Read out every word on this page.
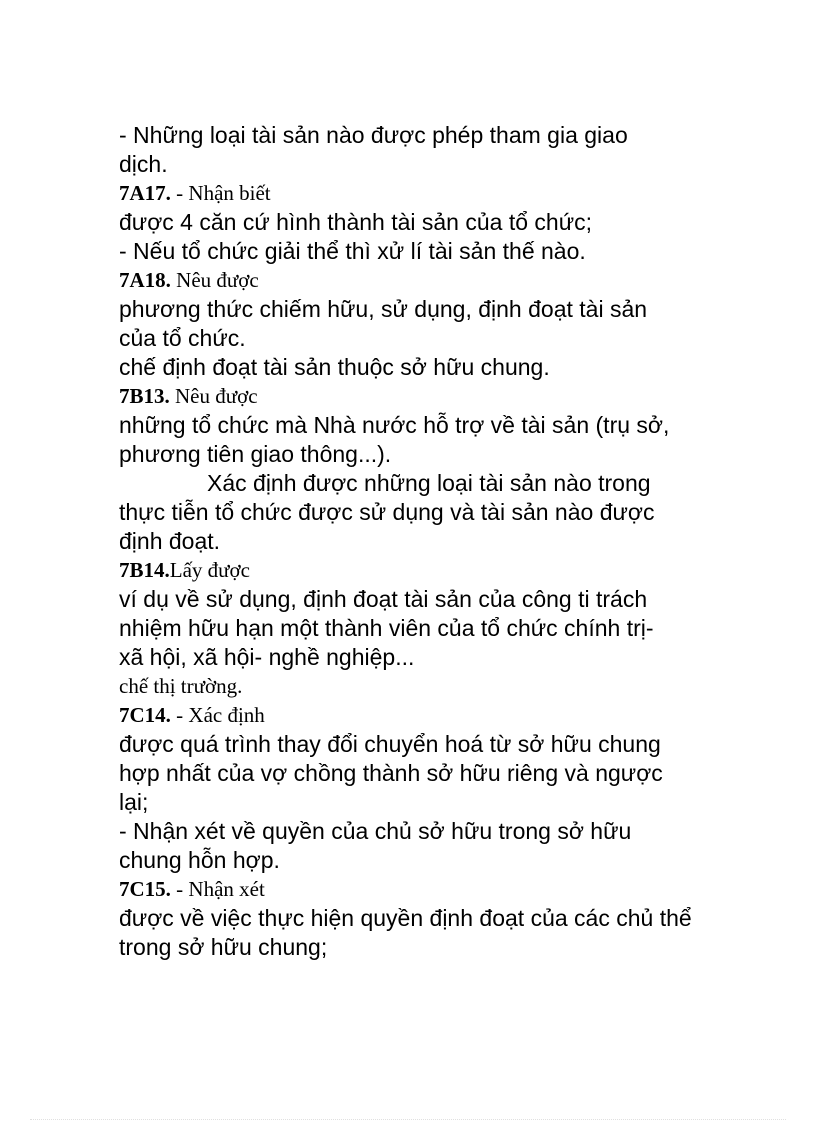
- Những loại tài sản nào được phép tham gia giao
dịch.
7A17. - Nhận biết
được 4 căn cứ hình thành tài sản của tổ chức;
- Nếu tổ chức giải thể thì xử lí tài sản thế nào.
7A18. Nêu được
phương thức chiếm hữu, sử dụng, định đoạt tài sản
của tổ chức.
chế định đoạt tài sản thuộc sở hữu chung.
7B13. Nêu được
những tổ chức mà Nhà nước hỗ trợ về tài sản (trụ sở,
phương tiên giao thông...).
Xác định được những loại tài sản nào trong
thực tiễn tổ chức được sử dụng và tài sản nào được
định đoạt.
7B14.Lấy được
ví dụ về sử dụng, định đoạt tài sản của công ti trách
nhiệm hữu hạn một thành viên của tổ chức chính trị-
xã hội, xã hội- nghề nghiệp...
chế thị trường.
7C14. - Xác định
được quá trình thay đổi chuyển hoá từ sở hữu chung
hợp nhất của vợ chồng thành sở hữu riêng và ngược
lại;
- Nhận xét về quyền của chủ sở hữu trong sở hữu
chung hỗn hợp.
7C15. - Nhận xét
được về việc thực hiện quyền định đoạt của các chủ thể
trong sở hữu chung;
